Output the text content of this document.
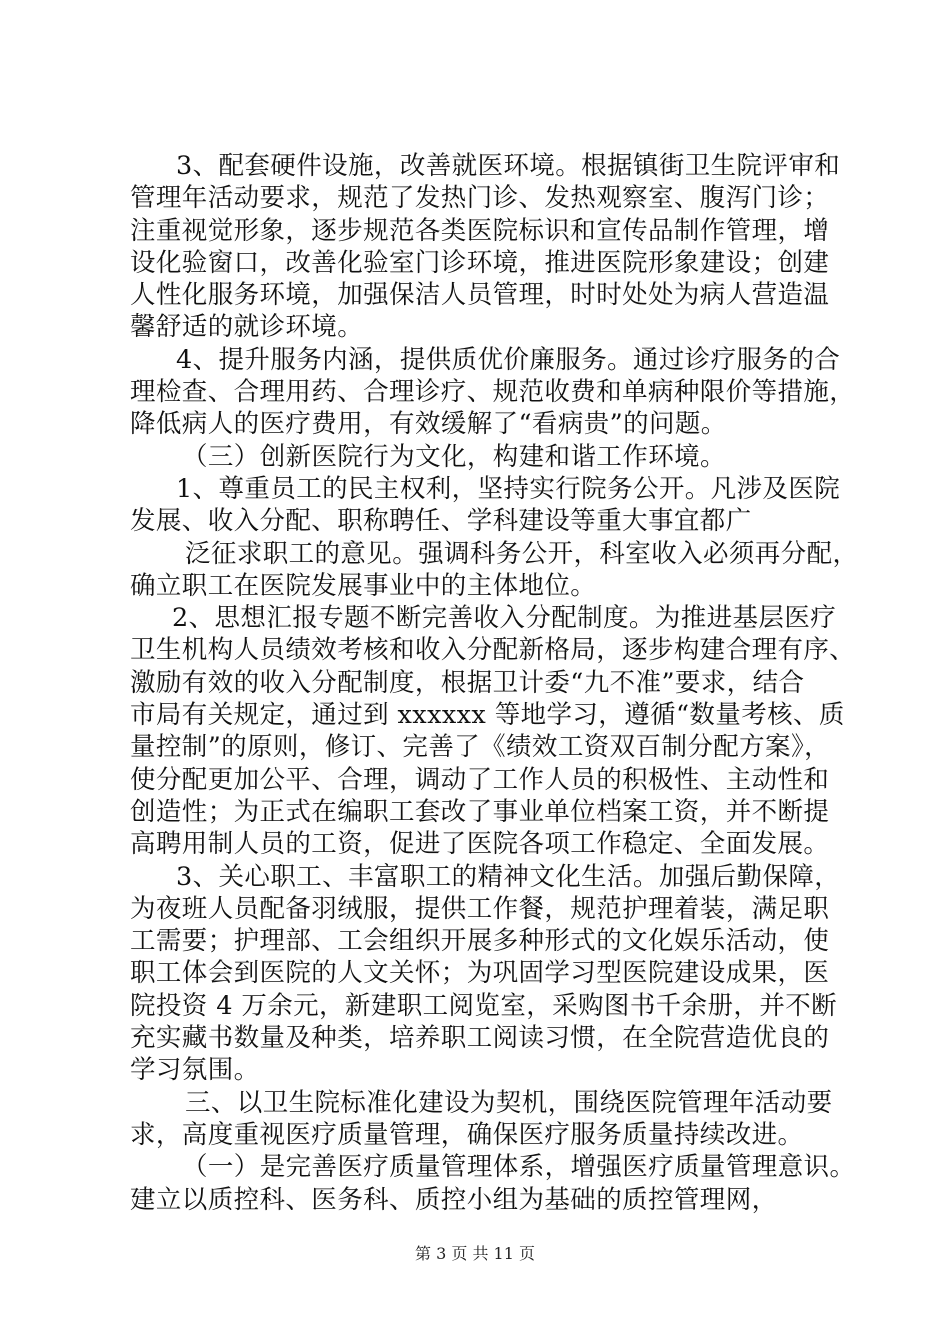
3、配套硬件设施，改善就医环境。根据镇街卫生院评审和
管理年活动要求，规范了发热门诊、发热观察室、腹泻门诊；
注重视觉形象，逐步规范各类医院标识和宣传品制作管理，增
设化验窗口，改善化验室门诊环境，推进医院形象建设；创建
人性化服务环境，加强保洁人员管理，时时处处为病人营造温
馨舒适的就诊环境。
4、提升服务内涵，提供质优价廉服务。通过诊疗服务的合
理检查、合理用药、合理诊疗、规范收费和单病种限价等措施，
降低病人的医疗费用，有效缓解了“看病贵”的问题。
（三）创新医院行为文化，构建和谐工作环境。
1、尊重员工的民主权利，坚持实行院务公开。凡涉及医院
发展、收入分配、职称聘任、学科建设等重大事宜都广
泛征求职工的意见。强调科务公开，科室收入必须再分配，
确立职工在医院发展事业中的主体地位。
2、思想汇报专题不断完善收入分配制度。为推进基层医疗
卫生机构人员绩效考核和收入分配新格局，逐步构建合理有序、
激励有效的收入分配制度，根据卫计委“九不准”要求，结合
市局有关规定，通过到 xxxxxx 等地学习，遵循“数量考核、质
量控制”的原则，修订、完善了《绩效工资双百制分配方案》，
使分配更加公平、合理，调动了工作人员的积极性、主动性和
创造性；为正式在编职工套改了事业单位档案工资，并不断提
高聘用制人员的工资，促进了医院各项工作稳定、全面发展。
3、关心职工、丰富职工的精神文化生活。加强后勤保障，
为夜班人员配备羽绒服，提供工作餐，规范护理着装，满足职
工需要；护理部、工会组织开展多种形式的文化娱乐活动，使
职工体会到医院的人文关怀；为巩固学习型医院建设成果，医
院投资 4 万余元，新建职工阅览室，采购图书千余册，并不断
充实藏书数量及种类，培养职工阅读习惯，在全院营造优良的
学习氛围。
三、以卫生院标准化建设为契机，围绕医院管理年活动要
求，高度重视医疗质量管理，确保医疗服务质量持续改进。
（一）是完善医疗质量管理体系，增强医疗质量管理意识。
建立以质控科、医务科、质控小组为基础的质控管理网，
第 3 页 共 11 页
